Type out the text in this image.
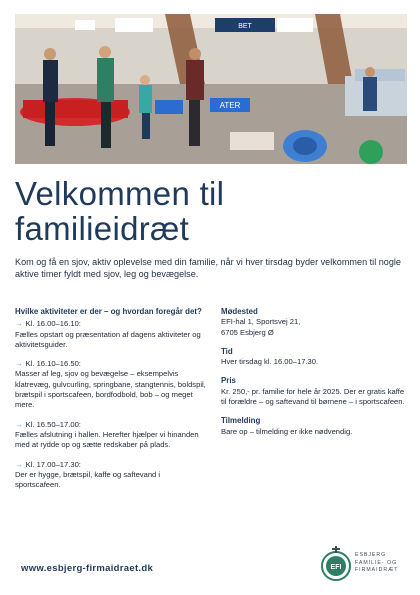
BET
ATER
Velkommen til
familieidræt
Kom og få en sjov, aktiv oplevelse med din familie, når vi hver tirsdag byder velkommen til nogle aktive timer fyldt med sjov, leg og bevægelse.
Hvilke aktiviteter er der – og hvordan foregår det?
→ Kl. 16.00–16.10:
Fælles opstart og præsentation af dagens aktiviteter og aktivitetsguider.
→ Kl. 16.10–16.50:
Masser af leg, sjov og bevægelse – eksempelvis klatrevæg, gulvcurling, springbane, stangtennis, boldspil, brætspil i sportscafeen, bordfodbold, bob – og meget mere.
→ Kl. 16.50–17.00:
Fælles afslutning i hallen. Herefter hjælper vi hinanden med at rydde op og sætte redskaber på plads.
→ Kl. 17.00–17.30:
Der er hygge, brætspil, kaffe og saftevand i sportscafeen.
Mødested
EFI-hal 1, Sportsvej 21,
6705 Esbjerg Ø
Tid
Hver tirsdag kl. 16.00–17.30.
Pris
Kr. 250,- pr. familie for hele år 2025. Der er gratis kaffe til forældre – og saftevand til børnene – i sportscafeen.
Tilmelding
Bare op – tilmelding er ikke nødvendig.
www.esbjerg-firmaidraet.dk	EFI
ESBJERG
FAMILIE- OG
FIRMAIDRÆT
